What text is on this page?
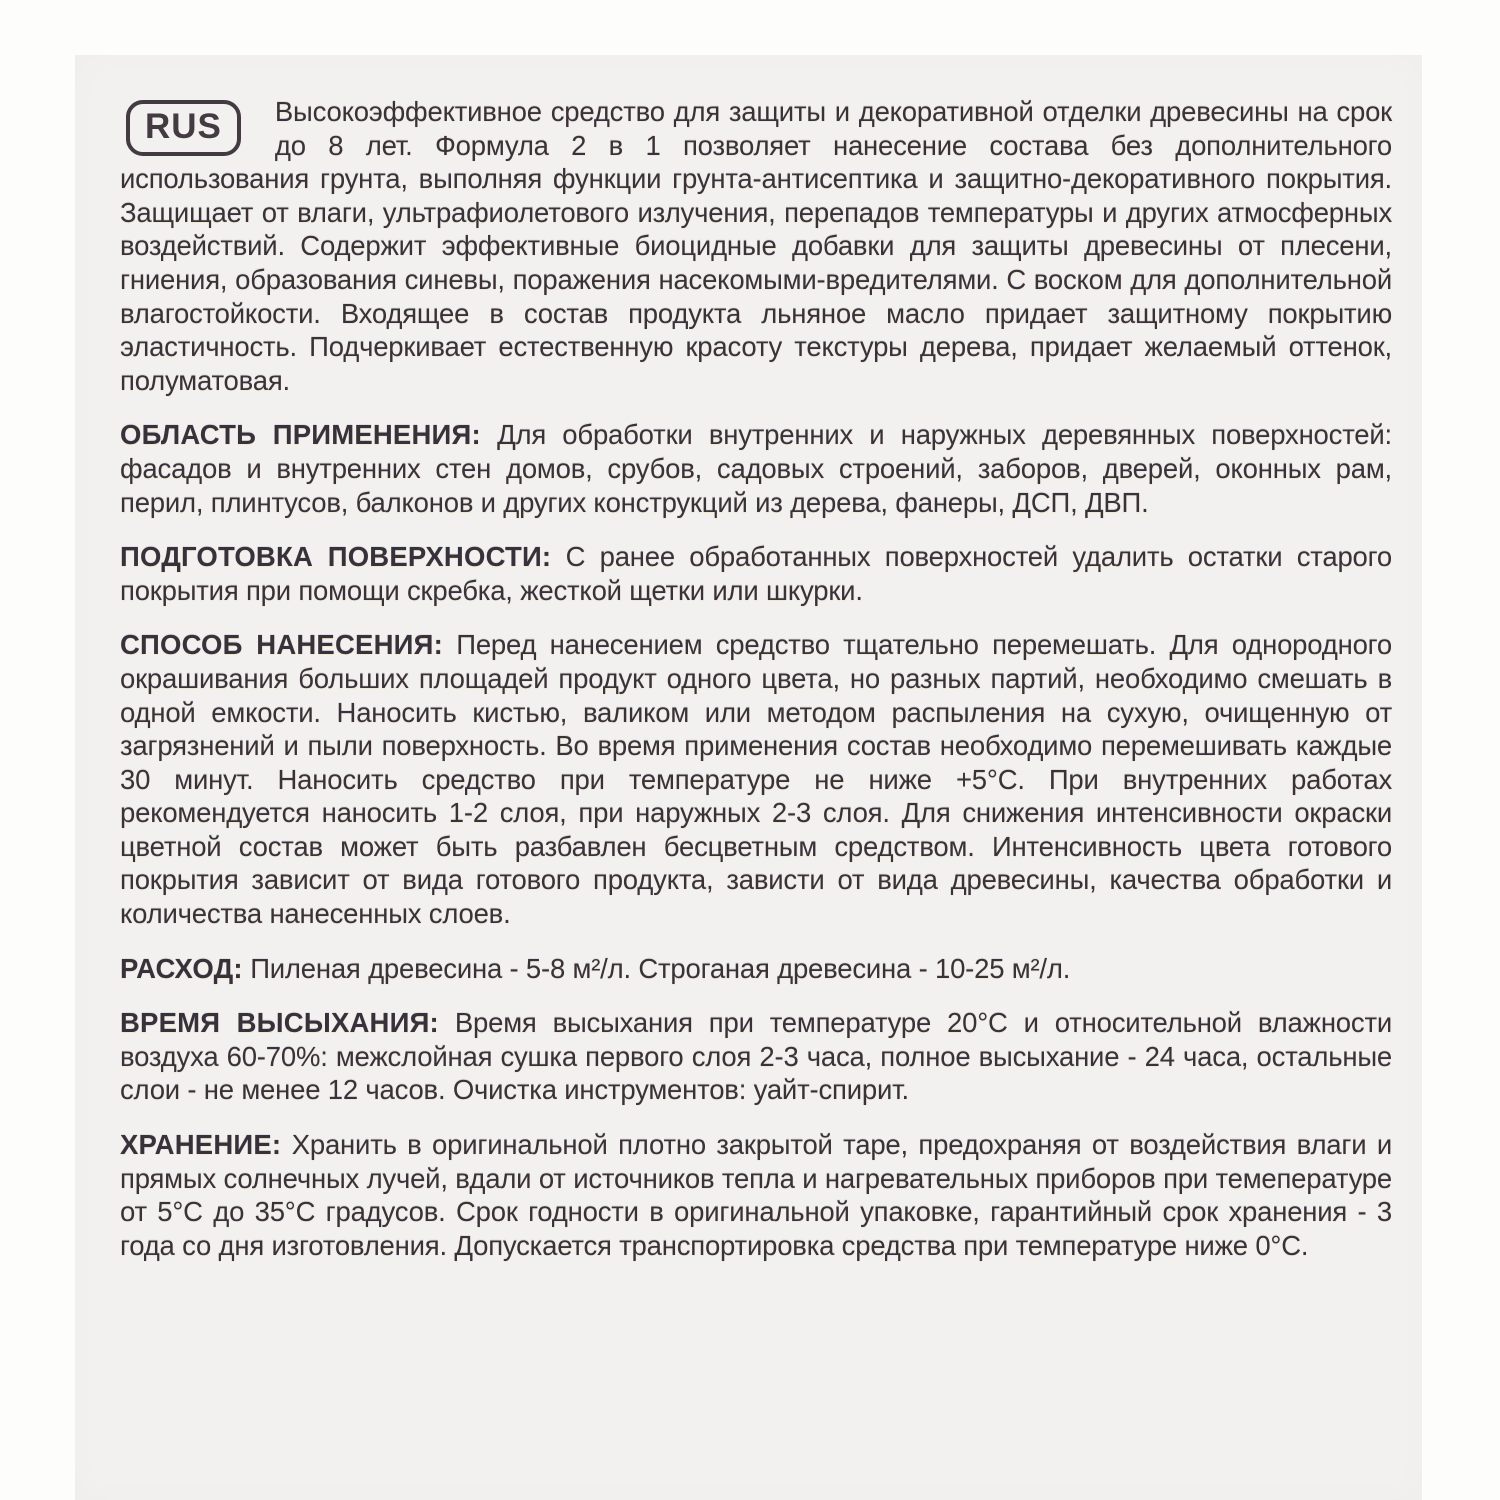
RUS	Высокоэффективное средство для защиты и декоративной отделки древесины на срок до 8 лет. Формула 2 в 1 позволяет нанесение состава без дополнительного использования грунта, выполняя функции грунта-антисептика и защитно-декоративного покрытия. Защищает от влаги, ультрафиолетового излучения, перепадов температуры и других атмосферных воздействий. Содержит эффективные биоцидные добавки для защиты древесины от плесени, гниения, образования синевы, поражения насекомыми-вредителями. С воском для дополнительной влагостойкости. Входящее в состав продукта льняное масло придает защитному покрытию эластичность. Подчеркивает естественную красоту текстуры дерева, придает желаемый оттенок, полуматовая.

ОБЛАСТЬ ПРИМЕНЕНИЯ: Для обработки внутренних и наружных деревянных поверхностей: фасадов и внутренних стен домов, срубов, садовых строений, заборов, дверей, оконных рам, перил, плинтусов, балконов и других конструкций из дерева, фанеры, ДСП, ДВП.

ПОДГОТОВКА ПОВЕРХНОСТИ: С ранее обработанных поверхностей удалить остатки старого покрытия при помощи скребка, жесткой щетки или шкурки.

СПОСОБ НАНЕСЕНИЯ: Перед нанесением средство тщательно перемешать. Для однородного окрашивания больших площадей продукт одного цвета, но разных партий, необходимо смешать в одной емкости. Наносить кистью, валиком или методом распыления на сухую, очищенную от загрязнений и пыли поверхность. Во время применения состав необходимо перемешивать каждые 30 минут. Наносить средство при температуре не ниже +5°С. При внутренних работах рекомендуется наносить 1-2 слоя, при наружных 2-3 слоя. Для снижения интенсивности окраски цветной состав может быть разбавлен бесцветным средством. Интенсивность цвета готового покрытия зависит от вида готового продукта, зависти от вида древесины, качества обработки и количества нанесенных слоев.

РАСХОД: Пиленая древесина - 5-8 м²/л. Строганая древесина - 10-25 м²/л.

ВРЕМЯ ВЫСЫХАНИЯ: Время высыхания при температуре 20°С и относительной влажности воздуха 60-70%: межслойная сушка первого слоя 2-3 часа, полное высыхание - 24 часа, остальные слои - не менее 12 часов. Очистка инструментов: уайт-спирит.

ХРАНЕНИЕ: Хранить в оригинальной плотно закрытой таре, предохраняя от воздействия влаги и прямых солнечных лучей, вдали от источников тепла и нагревательных приборов при темепературе от 5°С до 35°С градусов. Срок годности в оригинальной упаковке, гарантийный срок хранения - 3 года со дня изготовления. Допускается транспортировка средства при температуре ниже 0°С.
